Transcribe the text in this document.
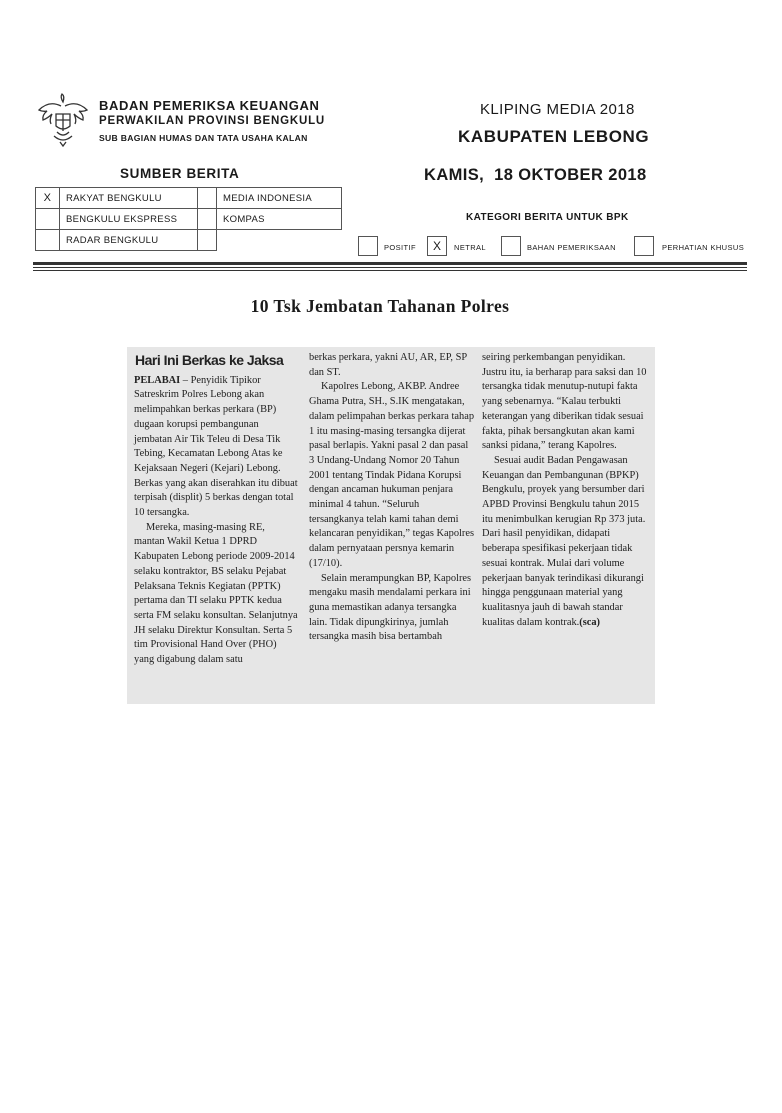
BADAN PEMERIKSA KEUANGAN
PERWAKILAN PROVINSI BENGKULU
SUB BAGIAN HUMAS DAN TATA USAHA KALAN
KLIPING MEDIA 2018
KABUPATEN LEBONG
KAMIS,  18 OKTOBER 2018
SUMBER BERITA
X	RAKYAT BENGKULU		MEDIA INDONESIA
	BENGKULU EKSPRESS		KOMPAS
	RADAR BENGKULU		
KATEGORI BERITA UNTUK BPK
POSITIF	X	NETRAL	BAHAN PEMERIKSAAN	PERHATIAN KHUSUS
10 Tsk Jembatan Tahanan Polres
Hari Ini Berkas ke Jaksa

PELABAI – Penyidik Tipikor Satreskrim Polres Lebong akan melimpahkan berkas perkara (BP) dugaan korupsi pembangunan jembatan Air Tik Teleu di Desa Tik Tebing, Kecamatan Lebong Atas ke Kejaksaan Negeri (Kejari) Lebong. Berkas yang akan diserahkan itu dibuat terpisah (displit) 5 berkas dengan total 10 tersangka.

Mereka, masing-masing RE, mantan Wakil Ketua 1 DPRD Kabupaten Lebong periode 2009-2014 selaku kontraktor, BS selaku Pejabat Pelaksana Teknis Kegiatan (PPTK) pertama dan TI selaku PPTK kedua serta FM selaku konsultan. Selanjutnya JH selaku Direktur Konsultan. Serta 5 tim Provisional Hand Over (PHO) yang digabung dalam satu

berkas perkara, yakni AU, AR, EP, SP dan ST.

Kapolres Lebong, AKBP. Andree Ghama Putra, SH., S.IK mengatakan, dalam pelimpahan berkas perkara tahap 1 itu masing-masing tersangka dijerat pasal berlapis. Yakni pasal 2 dan pasal 3 Undang-Undang Nomor 20 Tahun 2001 tentang Tindak Pidana Korupsi dengan ancaman hukuman penjara minimal 4 tahun. “Seluruh tersangkanya telah kami tahan demi kelancaran penyidikan,” tegas Kapolres dalam pernyataan persnya kemarin (17/10).

Selain merampungkan BP, Kapolres mengaku masih mendalami perkara ini guna memastikan adanya tersangka lain. Tidak dipungkirinya, jumlah tersangka masih bisa bertambah

seiring perkembangan penyidikan. Justru itu, ia berharap para saksi dan 10 tersangka tidak menutup-nutupi fakta yang sebenarnya. “Kalau terbukti keterangan yang diberikan tidak sesuai fakta, pihak bersangkutan akan kami sanksi pidana,” terang Kapolres.

Sesuai audit Badan Pengawasan Keuangan dan Pembangunan (BPKP) Bengkulu, proyek yang bersumber dari APBD Provinsi Bengkulu tahun 2015 itu menimbulkan kerugian Rp 373 juta. Dari hasil penyidikan, didapati beberapa spesifikasi pekerjaan tidak sesuai kontrak. Mulai dari volume pekerjaan banyak terindikasi dikurangi hingga penggunaan material yang kualitasnya jauh di bawah standar kualitas dalam kontrak.(sca)
